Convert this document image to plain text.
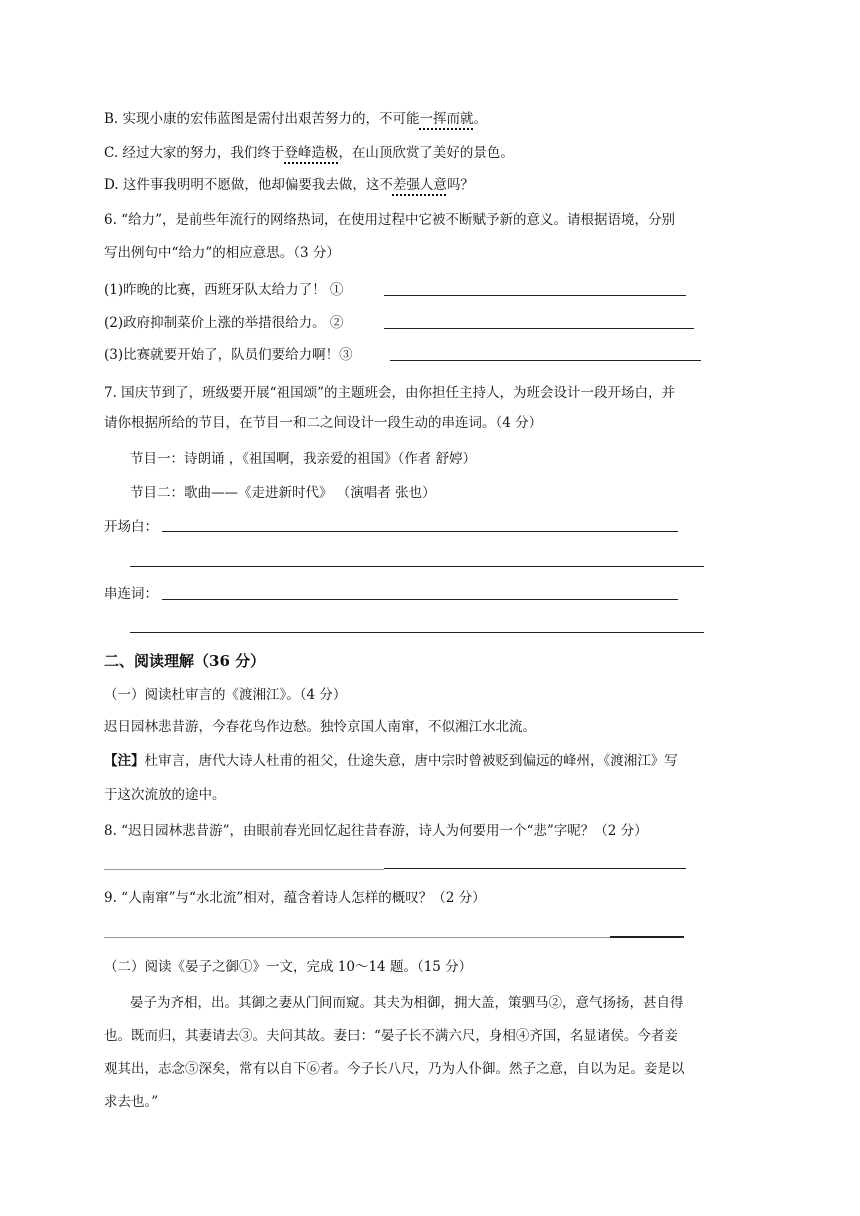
B. 实现小康的宏伟蓝图是需付出艰苦努力的，不可能一挥而就。
C. 经过大家的努力，我们终于登峰造极，在山顶欣赏了美好的景色。
D. 这件事我明明不愿做，他却偏要我去做，这不差强人意吗？
6. “给力”，是前些年流行的网络热词，在使用过程中它被不断赋予新的意义。请根据语境，分别
写出例句中“给力”的相应意思。（3 分）
(1)昨晚的比赛，西班牙队太给力了！ ①
(2)政府抑制菜价上涨的举措很给力。 ②
(3)比赛就要开始了，队员们要给力啊！③
7. 国庆节到了，班级要开展“祖国颂”的主题班会，由你担任主持人，为班会设计一段开场白，并
请你根据所给的节目，在节目一和二之间设计一段生动的串连词。（4 分）
节目一：诗朗诵 ，《祖国啊，我亲爱的祖国》（作者 舒婷）
节目二：歌曲——《走进新时代》 （演唱者 张也）
开场白：
串连词：
二、阅读理解（36 分）
（一）阅读杜审言的《渡湘江》。（4 分）
迟日园林悲昔游，今春花鸟作边愁。独怜京国人南窜，不似湘江水北流。
【注】杜审言，唐代大诗人杜甫的祖父，仕途失意，唐中宗时曾被贬到偏远的峰州，《渡湘江》写
于这次流放的途中。
8. “迟日园林悲昔游”，由眼前春光回忆起往昔春游，诗人为何要用一个“悲”字呢？（2 分）
9. “人南窜”与“水北流”相对，蕴含着诗人怎样的概叹？（2 分）
（二）阅读《晏子之御①》一文，完成 10～14 题。（15 分）
晏子为齐相，出。其御之妻从门间而窥。其夫为相御，拥大盖，策驷马②，意气扬扬，甚自得
也。既而归，其妻请去③。夫问其故。妻曰：“晏子长不满六尺，身相④齐国，名显诸侯。今者妾
观其出，志念⑤深矣，常有以自下⑥者。今子长八尺，乃为人仆御。然子之意，自以为足。妾是以
求去也。”
